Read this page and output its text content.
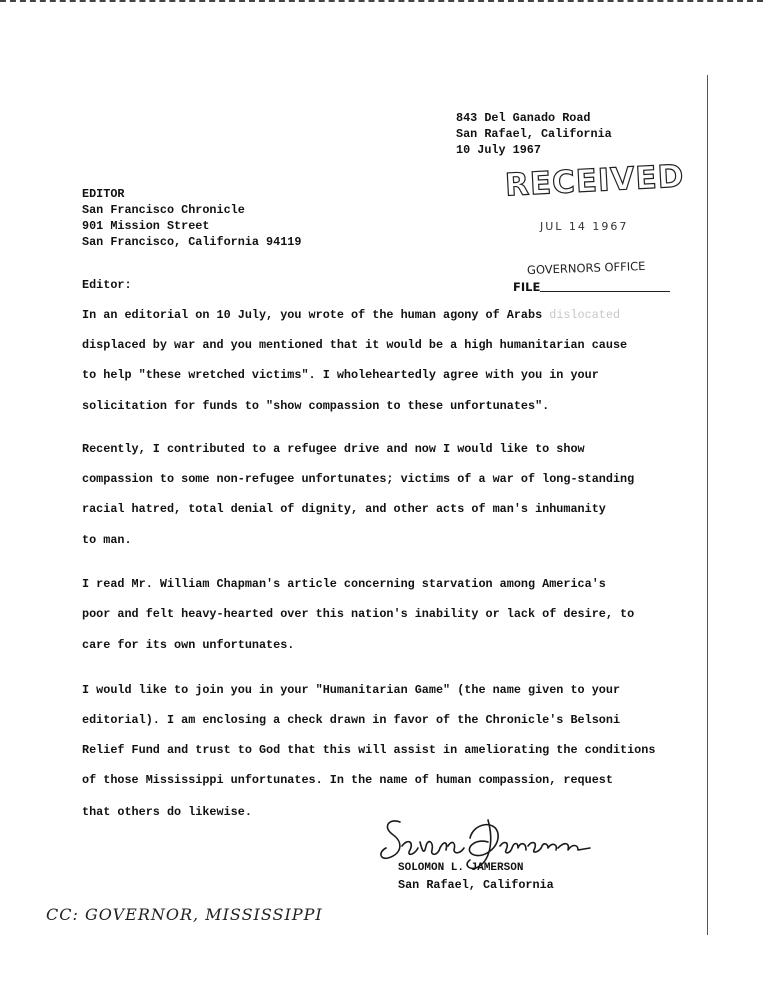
843 Del Ganado Road
San Rafael, California
10 July 1967
RECEIVED
JUL 14 1967
GOVERNORS OFFICE
FILE
EDITOR
San Francisco Chronicle
901 Mission Street
San Francisco, California 94119
Editor:
In an editorial on 10 July, you wrote of the human agony of Arabs dislocated
displaced by war and you mentioned that it would be a high humanitarian cause
to help "these wretched victims". I wholeheartedly agree with you in your
solicitation for funds to "show compassion to these unfortunates".
Recently, I contributed to a refugee drive and now I would like to show
compassion to some non-refugee unfortunates; victims of a war of long-standing
racial hatred, total denial of dignity, and other acts of man's inhumanity
to man.
I read Mr. William Chapman's article concerning starvation among America's
poor and felt heavy-hearted over this nation's inability or lack of desire, to
care for its own unfortunates.
I would like to join you in your "Humanitarian Game" (the name given to your
editorial). I am enclosing a check drawn in favor of the Chronicle's Belsoni
Relief Fund and trust to God that this will assist in ameliorating the conditions
of those Mississippi unfortunates. In the name of human compassion, request
that others do likewise.
SOLOMON L. JAMERSON
San Rafael, California
CC: GOVERNOR, MISSISSIPPI
